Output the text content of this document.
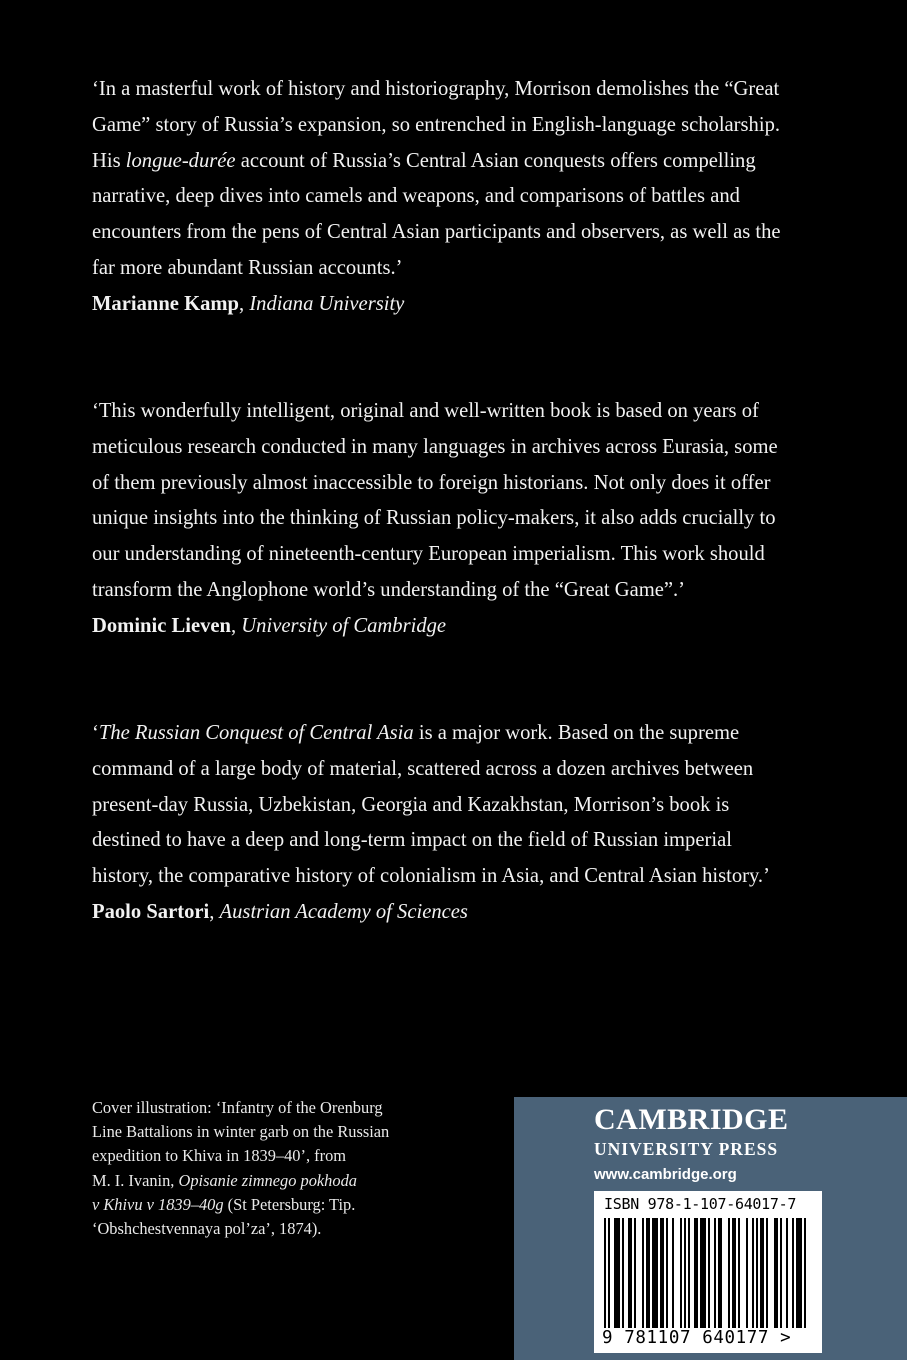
‘In a masterful work of history and historiography, Morrison demolishes the “Great Game” story of Russia’s expansion, so entrenched in English-language scholarship. His longue-durée account of Russia’s Central Asian conquests offers compelling narrative, deep dives into camels and weapons, and comparisons of battles and encounters from the pens of Central Asian participants and observers, as well as the far more abundant Russian accounts.’

Marianne Kamp, Indiana University

‘This wonderfully intelligent, original and well-written book is based on years of meticulous research conducted in many languages in archives across Eurasia, some of them previously almost inaccessible to foreign historians. Not only does it offer unique insights into the thinking of Russian policy-makers, it also adds crucially to our understanding of nineteenth-century European imperialism. This work should transform the Anglophone world’s understanding of the “Great Game”.’

Dominic Lieven, University of Cambridge

‘The Russian Conquest of Central Asia is a major work. Based on the supreme command of a large body of material, scattered across a dozen archives between present-day Russia, Uzbekistan, Georgia and Kazakhstan, Morrison’s book is destined to have a deep and long-term impact on the field of Russian imperial history, the comparative history of colonialism in Asia, and Central Asian history.’

Paolo Sartori, Austrian Academy of Sciences

Cover illustration: ‘Infantry of the Orenburg
Line Battalions in winter garb on the Russian
expedition to Khiva in 1839–40’, from
M. I. Ivanin, Opisanie zimnego pokhoda
v Khivu v 1839–40g (St Petersburg: Tip.
‘Obshchestvennaya pol’za’, 1874).
CAMBRIDGE
UNIVERSITY PRESS
www.cambridge.org
ISBN 978-1-107-64017-7
9 781107 640177 >
